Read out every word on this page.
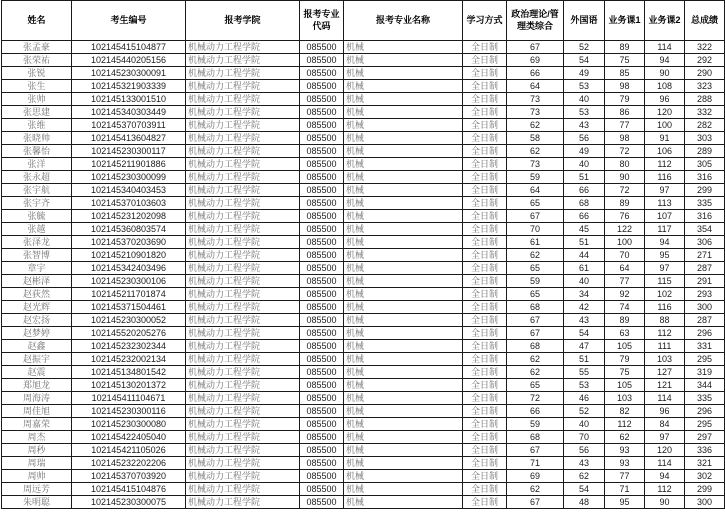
姓名	考生编号	报考学院	报考专业代码	报考专业名称	学习方式	政治理论/管理类综合	外国语	业务课1	业务课2	总成绩
张孟豪	102145415104877	机械动力工程学院	085500	机械	全日制	67	52	89	114	322
张荣祐	102145440205156	机械动力工程学院	085500	机械	全日制	69	54	75	94	292
张锐	102145230300091	机械动力工程学院	085500	机械	全日制	66	49	85	90	290
张生	102145321903339	机械动力工程学院	085500	机械	全日制	64	53	98	108	323
张帅	102145133001510	机械动力工程学院	085500	机械	全日制	73	40	79	96	288
张思建	102145340303449	机械动力工程学院	085500	机械	全日制	73	53	86	120	332
张维	102145370703911	机械动力工程学院	085500	机械	全日制	62	43	77	100	282
张晓帅	102145413604827	机械动力工程学院	085500	机械	全日制	58	56	98	91	303
张馨怡	102145230300117	机械动力工程学院	085500	机械	全日制	62	49	72	106	289
张洋	102145211901886	机械动力工程学院	085500	机械	全日制	73	40	80	112	305
张永超	102145230300099	机械动力工程学院	085500	机械	全日制	59	51	90	116	316
张宇航	102145340403453	机械动力工程学院	085500	机械	全日制	64	66	72	97	299
张宇齐	102145370103603	机械动力工程学院	085500	机械	全日制	65	68	89	113	335
张毓	102145231202098	机械动力工程学院	085500	机械	全日制	67	66	76	107	316
张越	102145360803574	机械动力工程学院	085500	机械	全日制	70	45	122	117	354
张泽龙	102145370203690	机械动力工程学院	085500	机械	全日制	61	51	100	94	306
张智博	102145210901820	机械动力工程学院	085500	机械	全日制	62	44	70	95	271
章宇	102145342403496	机械动力工程学院	085500	机械	全日制	65	61	64	97	287
赵彬泽	102145230300106	机械动力工程学院	085500	机械	全日制	59	40	77	115	291
赵荻然	102145211701874	机械动力工程学院	085500	机械	全日制	65	34	92	102	293
赵光辉	102145371504461	机械动力工程学院	085500	机械	全日制	68	42	74	116	300
赵宏扬	102145230300052	机械动力工程学院	085500	机械	全日制	67	43	89	88	287
赵梦婷	102145520205276	机械动力工程学院	085500	机械	全日制	67	54	63	112	296
赵鑫	102145232302344	机械动力工程学院	085500	机械	全日制	68	47	105	111	331
赵振宇	102145232002134	机械动力工程学院	085500	机械	全日制	62	51	79	103	295
赵震	102145134801542	机械动力工程学院	085500	机械	全日制	62	55	75	127	319
郑旭龙	102145130201372	机械动力工程学院	085500	机械	全日制	65	53	105	121	344
周海涛	102145411104671	机械动力工程学院	085500	机械	全日制	72	46	103	114	335
周佳旭	102145230300116	机械动力工程学院	085500	机械	全日制	66	52	82	96	296
周嘉荣	102145230300080	机械动力工程学院	085500	机械	全日制	59	40	112	84	295
周杰	102145422405040	机械动力工程学院	085500	机械	全日制	68	70	62	97	297
周秒	102145421105026	机械动力工程学院	085500	机械	全日制	67	56	93	120	336
周瑞	102145232202206	机械动力工程学院	085500	机械	全日制	71	43	93	114	321
周帅	102145370703920	机械动力工程学院	085500	机械	全日制	69	62	77	94	302
周远芳	102145415104876	机械动力工程学院	085500	机械	全日制	62	54	71	112	299
朱明聪	102145230300075	机械动力工程学院	085500	机械	全日制	67	48	95	90	300
